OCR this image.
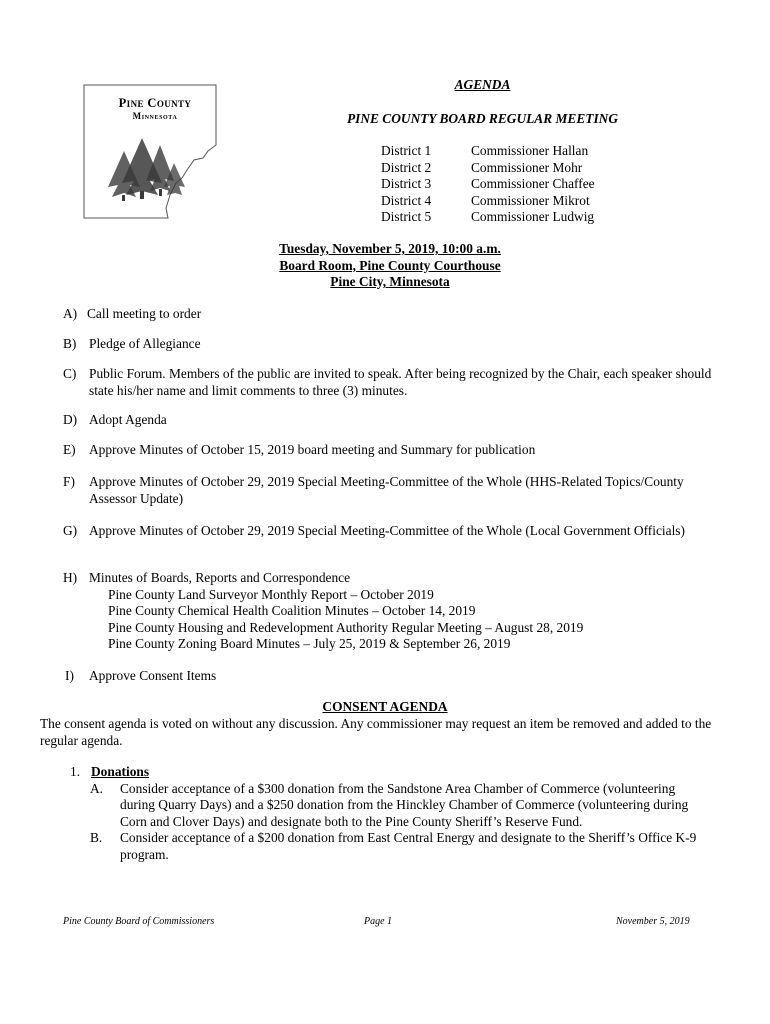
Pine County
Minnesota
AGENDA
PINE COUNTY BOARD REGULAR MEETING
District 1	Commissioner Hallan
District 2	Commissioner Mohr
District 3	Commissioner Chaffee
District 4	Commissioner Mikrot
District 5	Commissioner Ludwig
Tuesday, November 5, 2019, 10:00 a.m.
Board Room, Pine County Courthouse
Pine City, Minnesota
A) Call meeting to order
B) Pledge of Allegiance
C) Public Forum. Members of the public are invited to speak. After being recognized by the Chair, each speaker should state his/her name and limit comments to three (3) minutes.
D) Adopt Agenda
E) Approve Minutes of October 15, 2019 board meeting and Summary for publication
F) Approve Minutes of October 29, 2019 Special Meeting-Committee of the Whole (HHS-Related Topics/County Assessor Update)
G) Approve Minutes of October 29, 2019 Special Meeting-Committee of the Whole (Local Government Officials)
H) Minutes of Boards, Reports and Correspondence
Pine County Land Surveyor Monthly Report – October 2019
Pine County Chemical Health Coalition Minutes – October 14, 2019
Pine County Housing and Redevelopment Authority Regular Meeting – August 28, 2019
Pine County Zoning Board Minutes – July 25, 2019 & September 26, 2019
I) Approve Consent Items
CONSENT AGENDA
The consent agenda is voted on without any discussion. Any commissioner may request an item be removed and added to the regular agenda.
1. Donations
A. Consider acceptance of a $300 donation from the Sandstone Area Chamber of Commerce (volunteering during Quarry Days) and a $250 donation from the Hinckley Chamber of Commerce (volunteering during Corn and Clover Days) and designate both to the Pine County Sheriff’s Reserve Fund.
B. Consider acceptance of a $200 donation from East Central Energy and designate to the Sheriff’s Office K-9 program.
Pine County Board of Commissioners	Page 1	November 5, 2019
